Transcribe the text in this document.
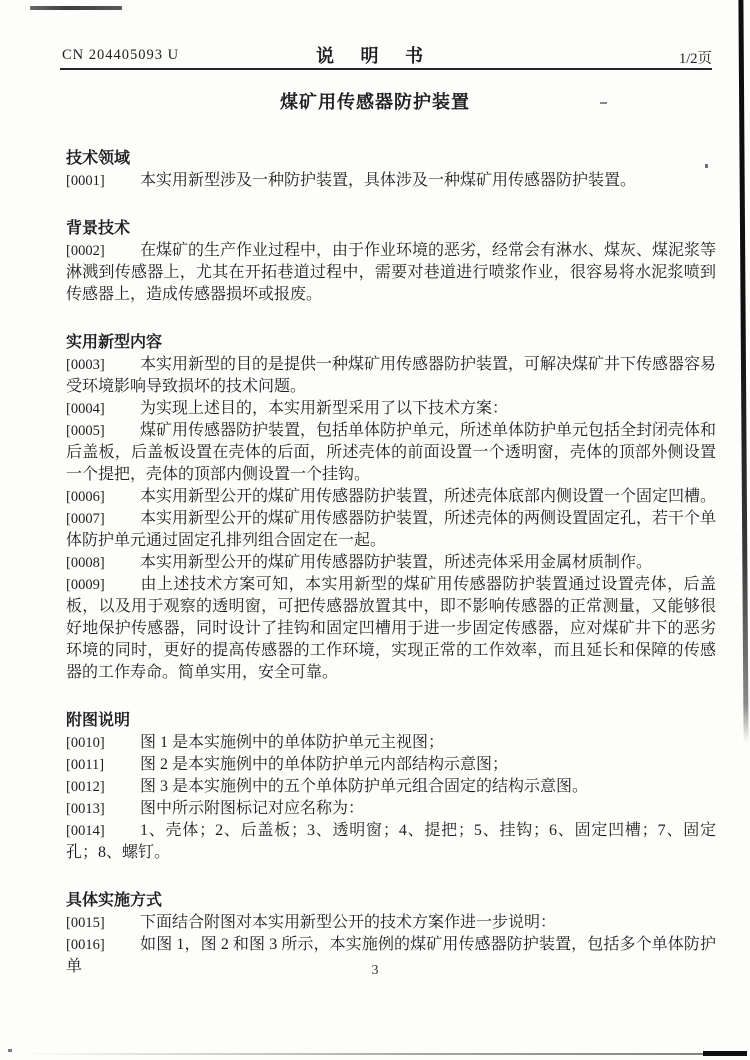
CN 204405093 U	说 明 书	1/2页
煤矿用传感器防护装置
技术领域

[0001] 本实用新型涉及一种防护装置，具体涉及一种煤矿用传感器防护装置。

背景技术

[0002] 在煤矿的生产作业过程中，由于作业环境的恶劣，经常会有淋水、煤灰、煤泥浆等淋溅到传感器上，尤其在开拓巷道过程中，需要对巷道进行喷浆作业，很容易将水泥浆喷到传感器上，造成传感器损坏或报废。

实用新型内容

[0003] 本实用新型的目的是提供一种煤矿用传感器防护装置，可解决煤矿井下传感器容易受环境影响导致损坏的技术问题。

[0004] 为实现上述目的，本实用新型采用了以下技术方案：

[0005] 煤矿用传感器防护装置，包括单体防护单元，所述单体防护单元包括全封闭壳体和后盖板，后盖板设置在壳体的后面，所述壳体的前面设置一个透明窗，壳体的顶部外侧设置一个提把，壳体的顶部内侧设置一个挂钩。

[0006] 本实用新型公开的煤矿用传感器防护装置，所述壳体底部内侧设置一个固定凹槽。

[0007] 本实用新型公开的煤矿用传感器防护装置，所述壳体的两侧设置固定孔，若干个单体防护单元通过固定孔排列组合固定在一起。

[0008] 本实用新型公开的煤矿用传感器防护装置，所述壳体采用金属材质制作。

[0009] 由上述技术方案可知，本实用新型的煤矿用传感器防护装置通过设置壳体，后盖板，以及用于观察的透明窗，可把传感器放置其中，即不影响传感器的正常测量，又能够很好地保护传感器，同时设计了挂钩和固定凹槽用于进一步固定传感器，应对煤矿井下的恶劣环境的同时，更好的提高传感器的工作环境，实现正常的工作效率，而且延长和保障的传感器的工作寿命。简单实用，安全可靠。

附图说明

[0010] 图 1 是本实施例中的单体防护单元主视图；

[0011] 图 2 是本实施例中的单体防护单元内部结构示意图；

[0012] 图 3 是本实施例中的五个单体防护单元组合固定的结构示意图。

[0013] 图中所示附图标记对应名称为：

[0014] 1、壳体；2、后盖板；3、透明窗；4、提把；5、挂钩；6、固定凹槽；7、固定孔；8、螺钉。

具体实施方式

[0015] 下面结合附图对本实用新型公开的技术方案作进一步说明：

[0016] 如图 1，图 2 和图 3 所示，本实施例的煤矿用传感器防护装置，包括多个单体防护单	3
